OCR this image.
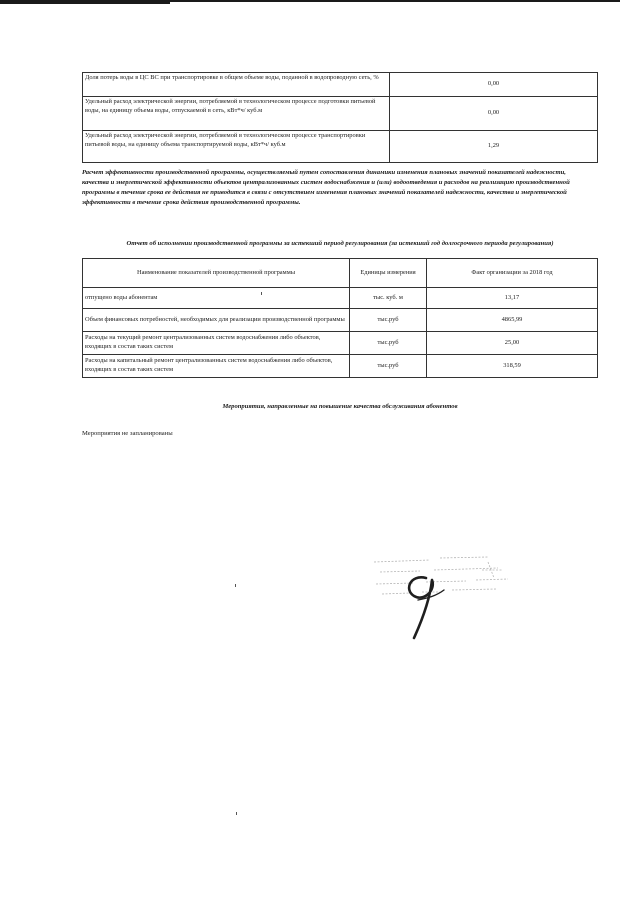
Доля потерь воды в ЦС ВС при транспортировке в общем объеме воды, поданной в водопроводную сеть, %	0,00
Удельный расход электрической энергии, потребляемой в технологическом процессе подготовки питьевой воды, на единицу объема воды, отпускаемой в сеть, кВт*ч/ куб.м	0,00
Удельный расход электрической энергии, потребляемой в технологическом процессе транспортировки питьевой воды, на единицу объема транспортируемой воды, кВт*ч/ куб.м	1,29
Расчет эффективности производственной программы, осуществляемый путем сопоставления динамики изменения плановых значений показателей надежности, качества и энергетической эффективности объектов централизованных систем водоснабжения и (или) водоотведения и расходов на реализацию производственной программы в течение срока ее действия не приводится в связи с отсутствием изменения плановых значений показателей надежности, качества и энергетической эффективности в течение срока действия производственной программы.
Отчет об исполнении производственной программы за истекший период регулирования (за истекший год долгосрочного периода регулирования)
Наименование показателей производственной программы	Единицы измерения	Факт организации за 2018 год
отпущено воды абонентам	тыс. куб. м	13,17
Объем финансовых потребностей, необходимых для реализации производственной программы	тыс.руб	4865,99
Расходы на текущий ремонт централизованных систем водоснабжения либо объектов, входящих в состав таких систем	тыс.руб	25,00
Расходы на капитальный ремонт централизованных систем водоснабжения либо объектов, входящих в состав таких систем	тыс.руб	318,59
Мероприятия, направленные на повышение качества обслуживания абонентов
Мероприятия не запланированы
